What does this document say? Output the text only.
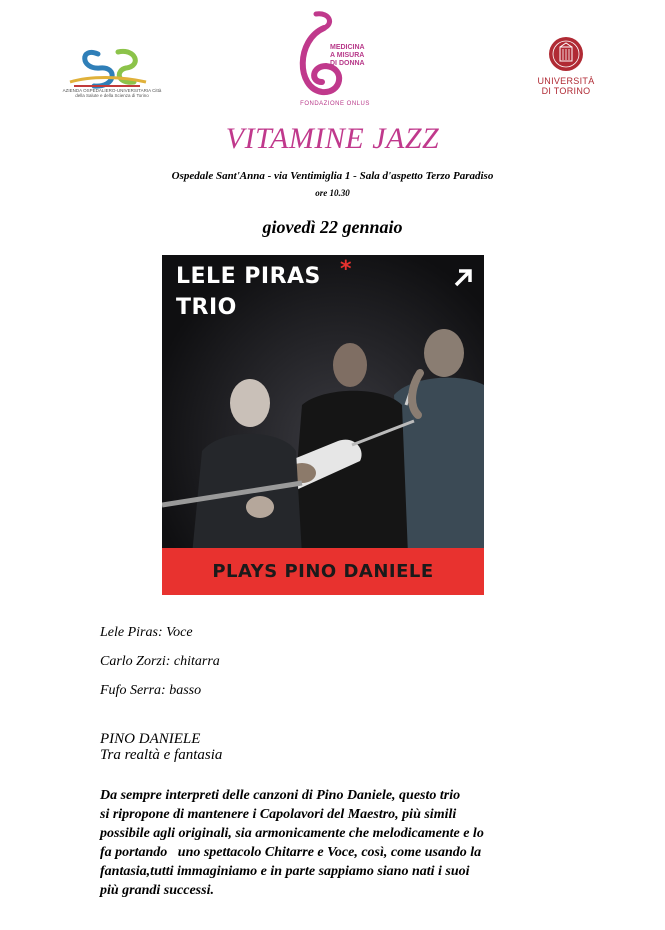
AZIENDA OSPEDALIERO-UNIVERSITARIA Città della Salute e della Scienza di Torino
MEDICINA
A MISURA
DI DONNA
FONDAZIONE ONLUS
UNIVERSITÀ
DI TORINO
VITAMINE JAZZ
Ospedale Sant'Anna - via Ventimiglia 1 - Sala d'aspetto Terzo Paradiso
ore 10.30
giovedì 22 gennaio
LELE PIRAS
TRIO
*
PLAYS PINO DANIELE
Lele Piras: Voce
Carlo Zorzi: chitarra
Fufo Serra: basso
PINO DANIELE
Tra realtà e fantasia
Da sempre interpreti delle canzoni di Pino Daniele, questo trio
si ripropone di mantenere i Capolavori del Maestro, più simili
possibile agli originali, sia armonicamente che melodicamente e lo
fa portando   uno spettacolo Chitarre e Voce, così, come usando la
fantasia,tutti immaginiamo e in parte sappiamo siano nati i suoi
più grandi successi.
